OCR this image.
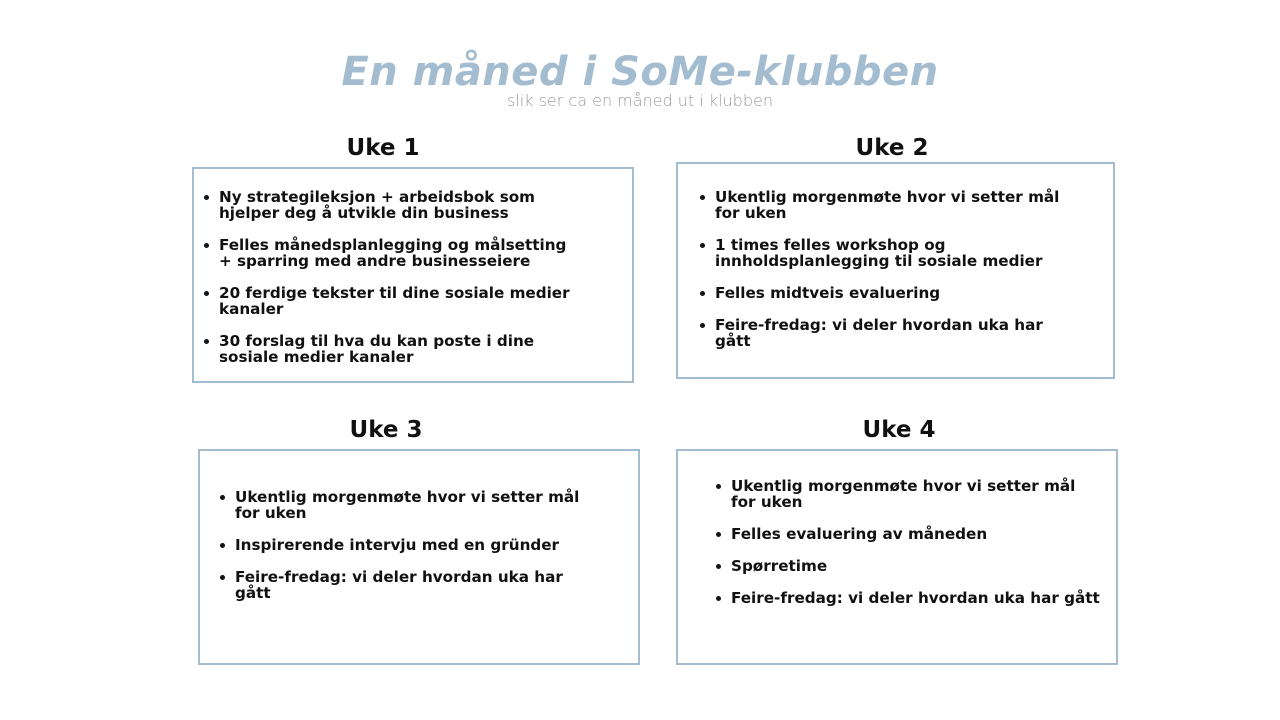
En måned i SoMe-klubben
slik ser ca en måned ut i klubben
Uke 1
Ny strategileksjon + arbeidsbok som hjelper deg å utvikle din business
Felles månedsplanlegging og målsetting + sparring med andre businesseiere
20 ferdige tekster til dine sosiale medier kanaler
30 forslag til hva du kan poste i dine sosiale medier kanaler
Uke 2
Ukentlig morgenmøte hvor vi setter mål for uken
1 times felles workshop og innholdsplanlegging til sosiale medier
Felles midtveis evaluering
Feire-fredag: vi deler hvordan uka har gått
Uke 3
Ukentlig morgenmøte hvor vi setter mål for uken
Inspirerende intervju med en gründer
Feire-fredag: vi deler hvordan uka har gått
Uke 4
Ukentlig morgenmøte hvor vi setter mål for uken
Felles evaluering av måneden
Spørretime
Feire-fredag: vi deler hvordan uka har gått
